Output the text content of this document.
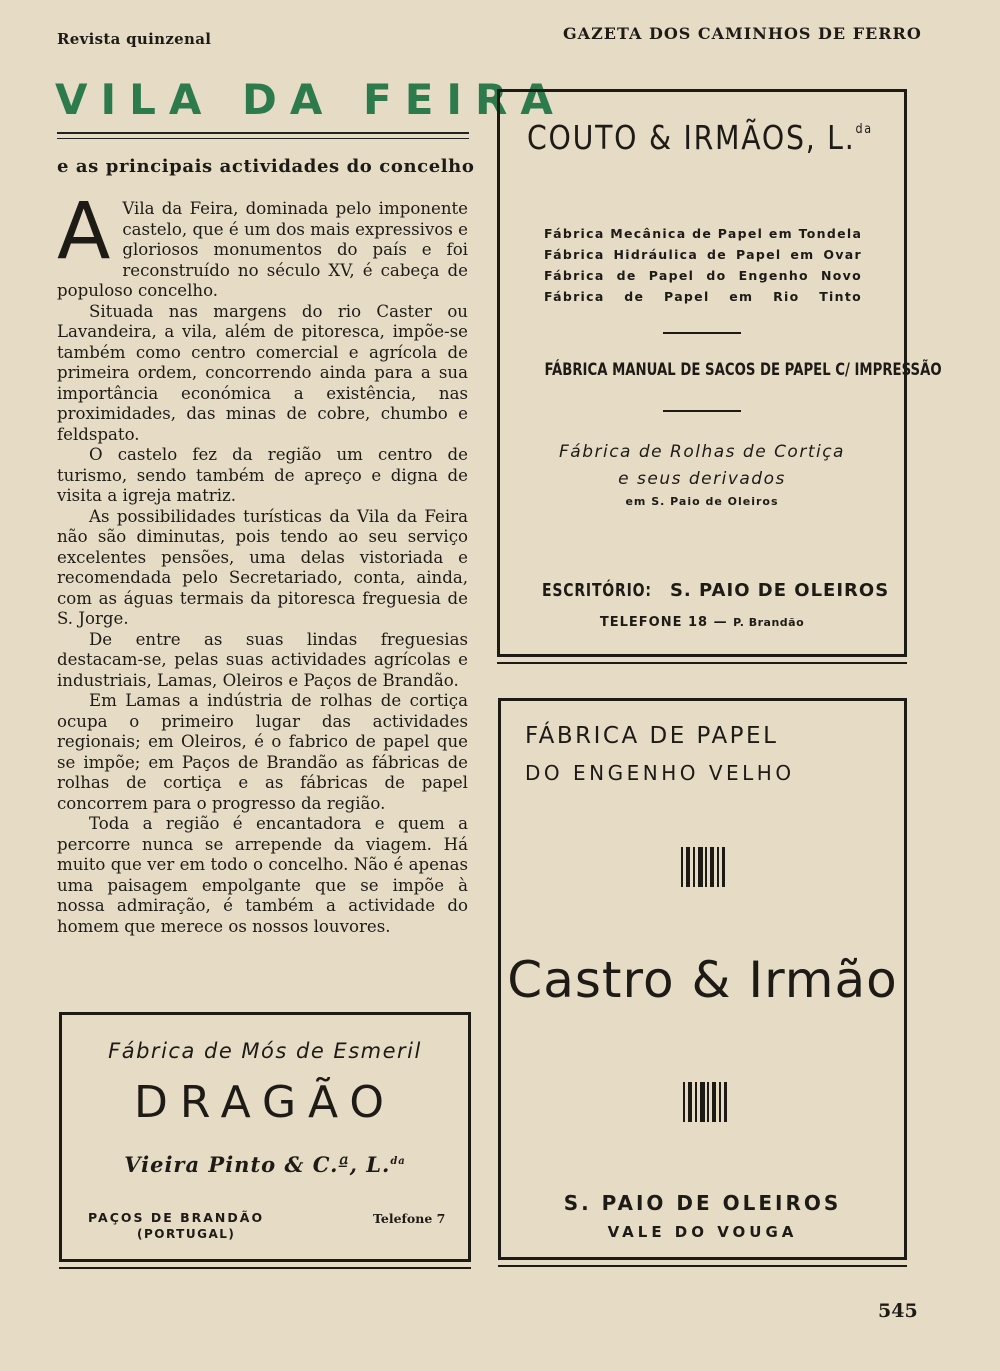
Revista quinzenal	GAZETA DOS CAMINHOS DE FERRO
VILA DA FEIRA
e as principais actividades do concelho

A Vila da Feira, dominada pelo imponente castelo, que é um dos mais expressivos e gloriosos monumentos do país e foi reconstruído no século XV, é cabeça de populoso concelho.

Situada nas margens do rio Caster ou Lavandeira, a vila, além de pitoresca, impõe-se também como centro comercial e agrícola de primeira ordem, concorrendo ainda para a sua importância económica a existência, nas proximidades, das minas de cobre, chumbo e feldspato.

O castelo fez da região um centro de turismo, sendo também de apreço e digna de visita a igreja matriz.

As possibilidades turísticas da Vila da Feira não são diminutas, pois tendo ao seu serviço excelentes pensões, uma delas vistoriada e recomendada pelo Secretariado, conta, ainda, com as águas termais da pitoresca freguesia de S. Jorge.

De entre as suas lindas freguesias destacam-se, pelas suas actividades agrícolas e industriais, Lamas, Oleiros e Paços de Brandão.

Em Lamas a indústria de rolhas de cortiça ocupa o primeiro lugar das actividades regionais; em Oleiros, é o fabrico de papel que se impõe; em Paços de Brandão as fábricas de rolhas de cortiça e as fábricas de papel concorrem para o progresso da região.

Toda a região é encantadora e quem a percorre nunca se arrepende da viagem. Há muito que ver em todo o concelho. Não é apenas uma paisagem empolgante que se impõe à nossa admiração, é também a actividade do homem que merece os nossos louvores.

COUTO & IRMÃOS, L.$^{da}$
Fábrica Mecânica de Papel em Tondela
Fábrica Hidráulica de Papel em Ovar
Fábrica de Papel do Engenho Novo
Fábrica de Papel em Rio Tinto
FÁBRICA MANUAL DE SACOS DE PAPEL C/ IMPRESSÃO
Fábrica de Rolhas de Cortiça
e seus derivados
em S. Paio de Oleiros
ESCRITÓRIO: S. PAIO DE OLEIROS
TELEFONE 18 — P. Brandão
FÁBRICA DE PAPEL
DO ENGENHO VELHO
Castro & Irmão
S. PAIO DE OLEIROS
VALE DO VOUGA
Fábrica de Mós de Esmeril
DRAGÃO
Vieira Pinto & C.ª, L.$^{da}$
PAÇOS DE BRANDÃO
(PORTUGAL)
Telefone 7
545
